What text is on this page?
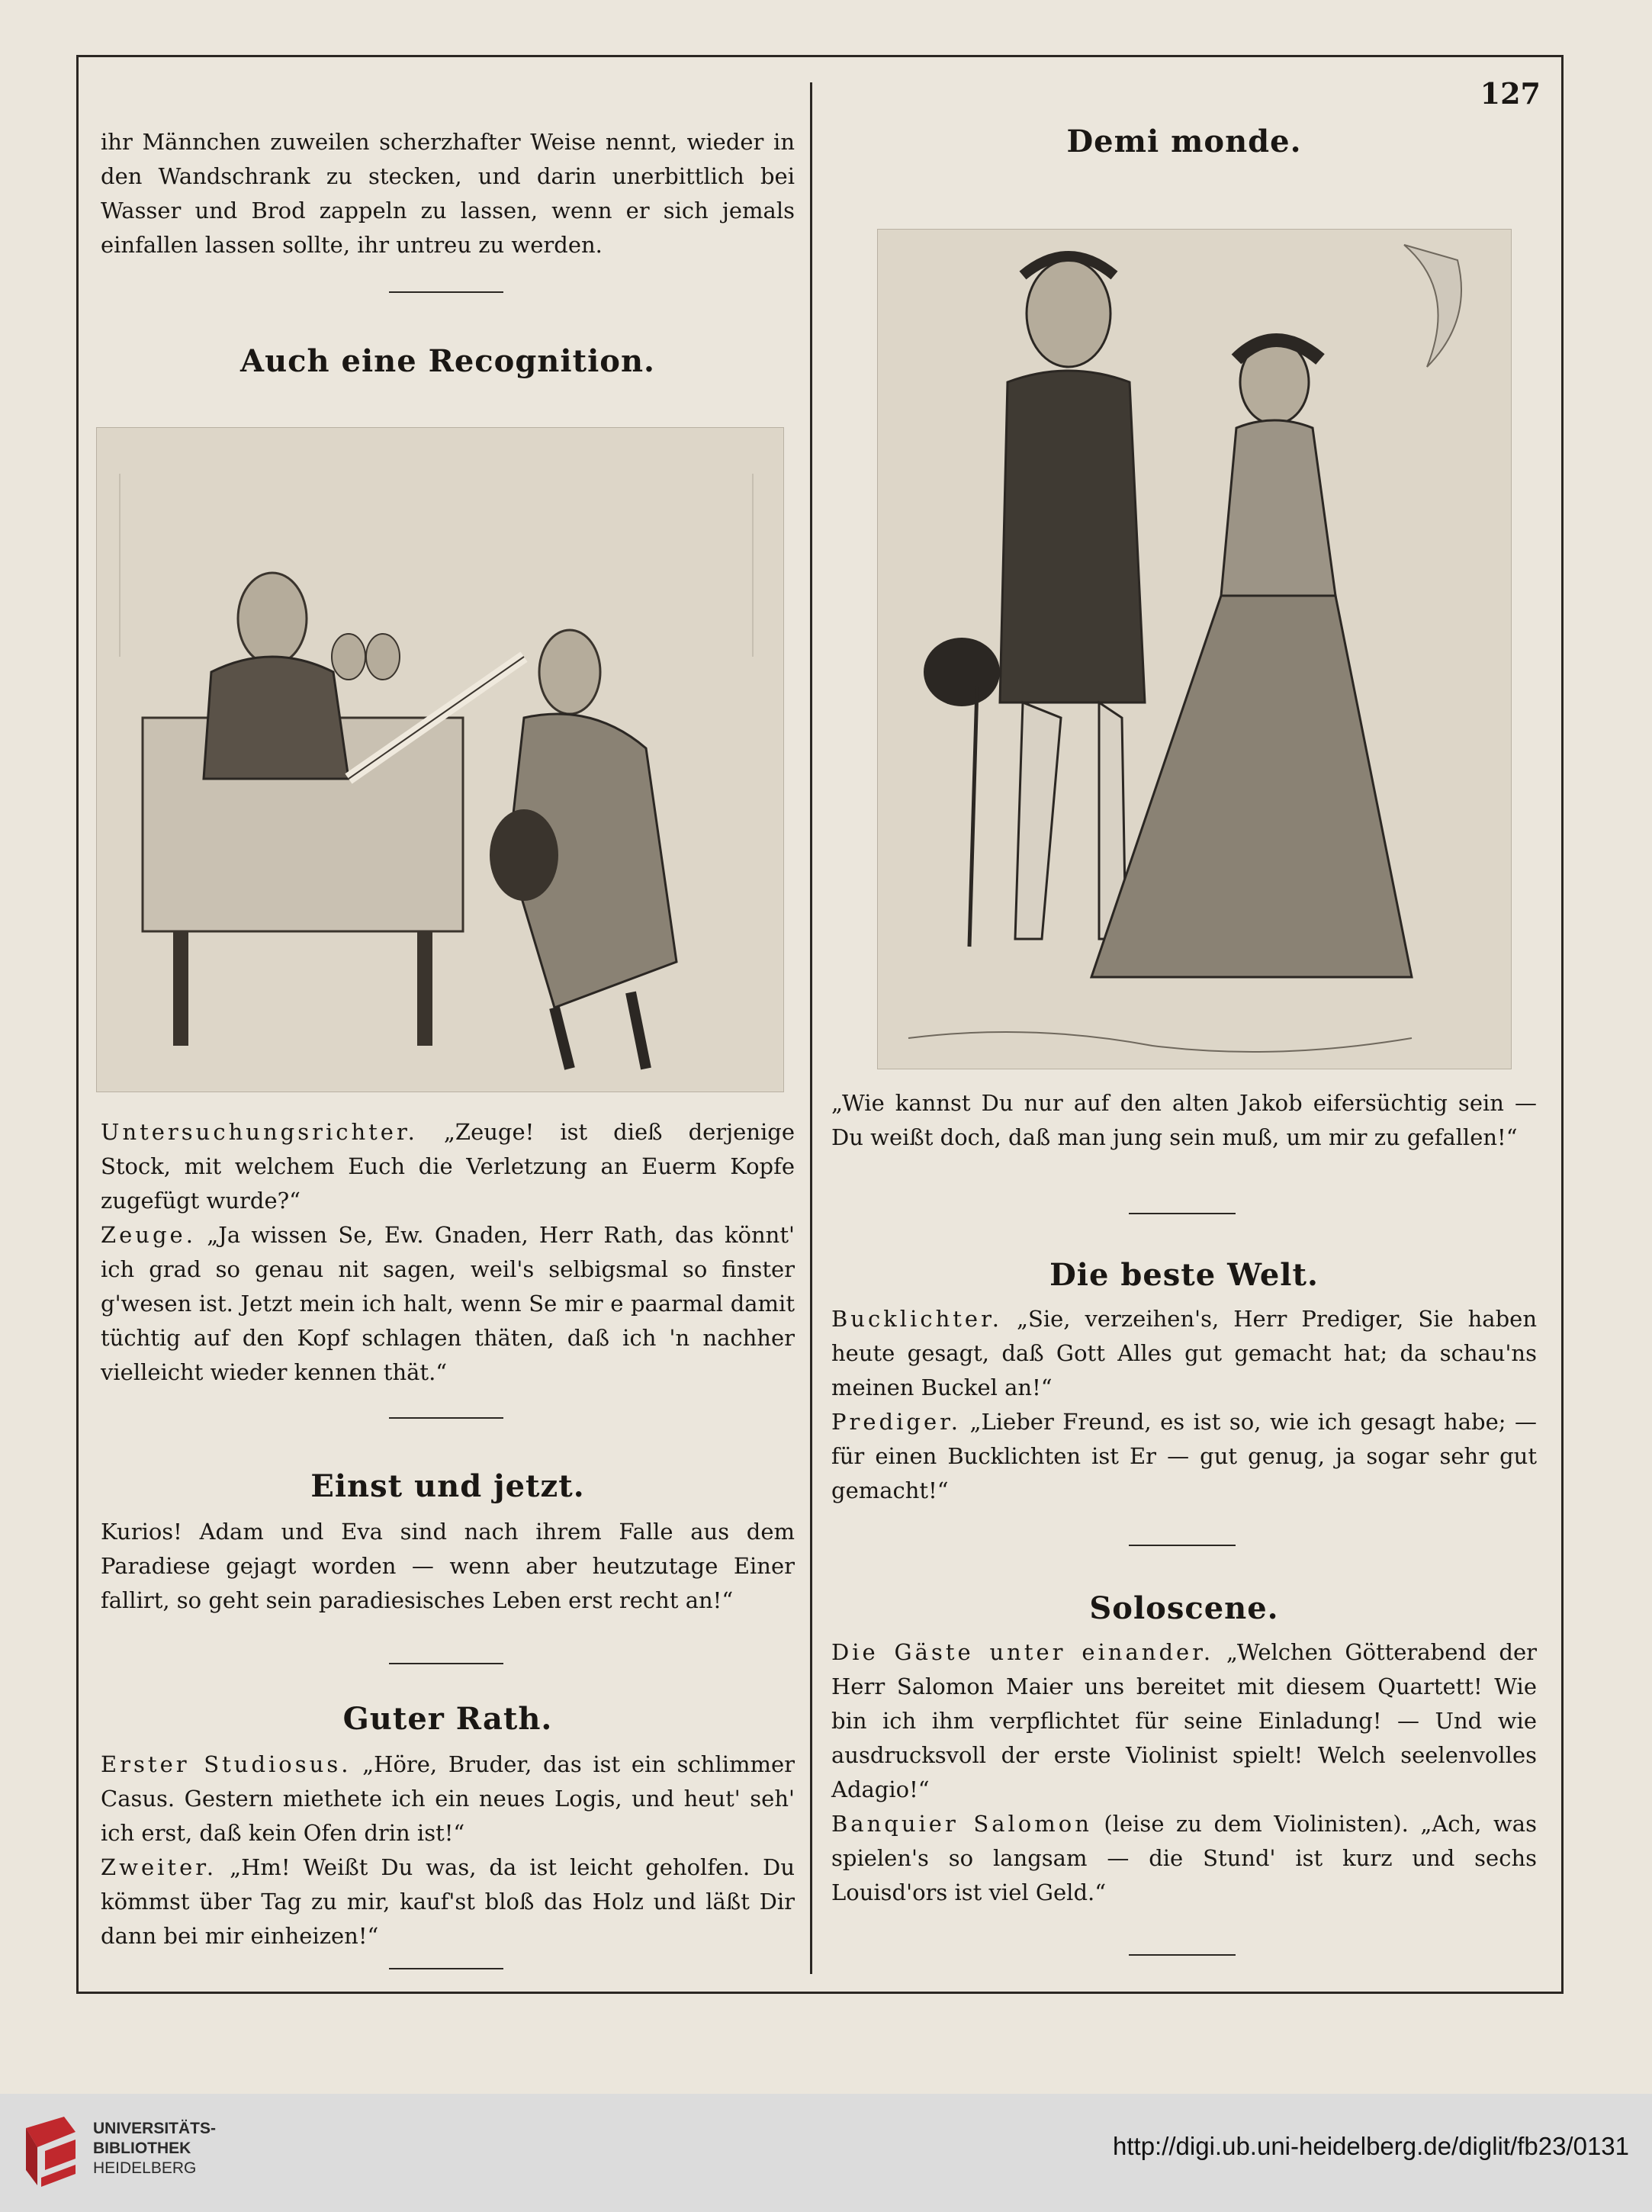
127

ihr Männchen zuweilen scherzhafter Weise nennt, wieder in den Wandschrank zu stecken, und darin unerbittlich bei Wasser und Brod zappeln zu lassen, wenn er sich jemals einfallen lassen sollte, ihr untreu zu werden.

Auch eine Recognition.

Untersuchungsrichter. „Zeuge! ist dieß derjenige Stock, mit welchem Euch die Verletzung an Euerm Kopfe zugefügt wurde?“

Zeuge. „Ja wissen Se, Ew. Gnaden, Herr Rath, das könnt' ich grad so genau nit sagen, weil's selbigsmal so finster g'wesen ist. Jetzt mein ich halt, wenn Se mir e paarmal damit tüchtig auf den Kopf schlagen thäten, daß ich 'n nachher vielleicht wieder kennen thät.“

Einst und jetzt.

Kurios! Adam und Eva sind nach ihrem Falle aus dem Paradiese gejagt worden — wenn aber heutzutage Einer fallirt, so geht sein paradiesisches Leben erst recht an!“

Guter Rath.

Erster Studiosus. „Höre, Bruder, das ist ein schlimmer Casus. Gestern miethete ich ein neues Logis, und heut' seh' ich erst, daß kein Ofen drin ist!“

Zweiter. „Hm! Weißt Du was, da ist leicht geholfen. Du kömmst über Tag zu mir, kauf'st bloß das Holz und läßt Dir dann bei mir einheizen!“

Demi monde.

„Wie kannst Du nur auf den alten Jakob eifersüchtig sein — Du weißt doch, daß man jung sein muß, um mir zu gefallen!“

Die beste Welt.

Bucklichter. „Sie, verzeihen's, Herr Prediger, Sie haben heute gesagt, daß Gott Alles gut gemacht hat; da schau'ns meinen Buckel an!“

Prediger. „Lieber Freund, es ist so, wie ich gesagt habe; — für einen Bucklichten ist Er — gut genug, ja sogar sehr gut gemacht!“

Soloscene.

Die Gäste unter einander. „Welchen Götterabend der Herr Salomon Maier uns bereitet mit diesem Quartett! Wie bin ich ihm verpflichtet für seine Einladung! — Und wie ausdrucksvoll der erste Violinist spielt! Welch seelenvolles Adagio!“

Banquier Salomon (leise zu dem Violinisten). „Ach, was spielen's so langsam — die Stund' ist kurz und sechs Louisd'ors ist viel Geld.“

UNIVERSITÄTS-
BIBLIOTHEK
HEIDELBERG
http://digi.ub.uni-heidelberg.de/diglit/fb23/0131
